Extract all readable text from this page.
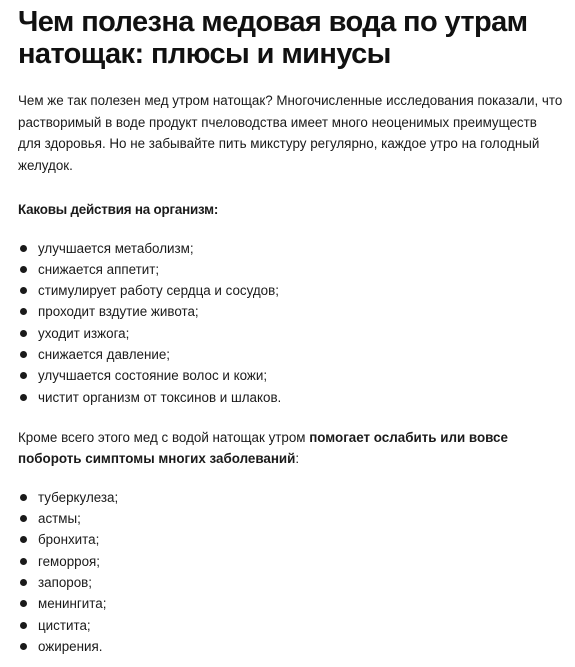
Чем полезна медовая вода по утрам натощак: плюсы и минусы

Чем же так полезен мед утром натощак? Многочисленные исследования показали, что растворимый в воде продукт пчеловодства имеет много неоценимых преимуществ для здоровья. Но не забывайте пить микстуру регулярно, каждое утро на голодный желудок.

Каковы действия на организм:

улучшается метаболизм;
снижается аппетит;
стимулирует работу сердца и сосудов;
проходит вздутие живота;
уходит изжога;
снижается давление;
улучшается состояние волос и кожи;
чистит организм от токсинов и шлаков.

Кроме всего этого мед с водой натощак утром помогает ослабить или вовсе побороть симптомы многих заболеваний:

туберкулеза;
астмы;
бронхита;
геморроя;
запоров;
менингита;
цистита;
ожирения.
